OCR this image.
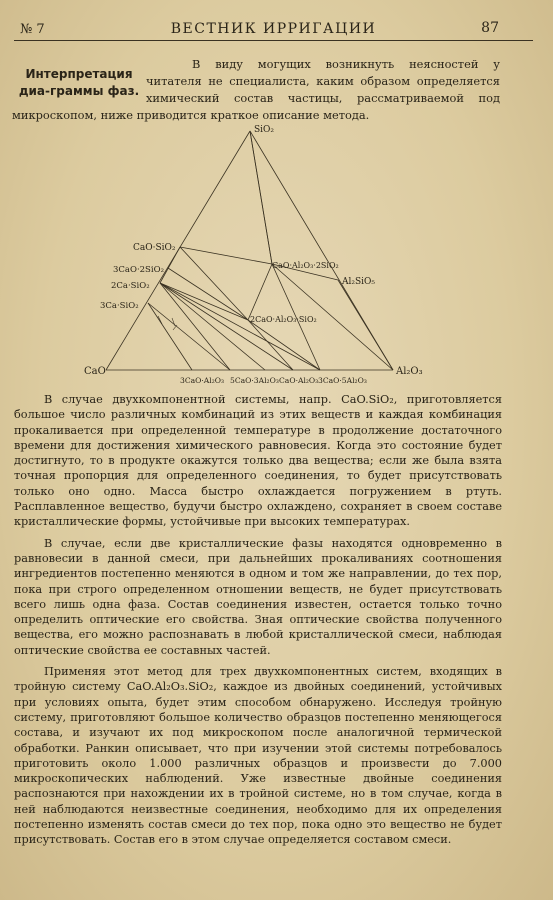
№ 7	ВЕСТНИК ИРРИГАЦИИ	87
Интерпретация диа-граммы фаз.
В виду могущих возникнуть неясностей у читателя не специалиста, каким образом определяется химический состав частицы, рассматриваемой под микроскопом, ниже приводится краткое описание метода.
SiO₂
CaO	Al₂O₃
CaO·SiO₂
3CaO·2SiO₂
2Ca·SiO₂
3Ca·SiO₂
CaO·Al₂O₃·2SiO₂
Al₂SiO₅
2CaO·Al₂O₃·SiO₂
3CaO·Al₂O₃ 5CaO·3Al₂O₃ CaO·Al₂O₃ 3CaO·5Al₂O₃

В случае двухкомпонентной системы, напр. CaO.SiO₂, приготовляется большое число различных комбинаций из этих веществ и каждая комбинация прокаливается при определенной температуре в продолжение достаточного времени для достижения химического равновесия. Когда это состояние будет достигнуто, то в продукте окажутся только два вещества; если же была взята точная пропорция для определенного соединения, то будет присутствовать только оно одно. Масса быстро охлаждается погружением в ртуть. Расплавленное вещество, будучи быстро охлаждено, сохраняет в своем составе кристаллические формы, устойчивые при высоких температурах.

В случае, если две кристаллические фазы находятся одновременно в равновесии в данной смеси, при дальнейших прокаливаниях соотношения ингредиентов постепенно меняются в одном и том же направлении, до тех пор, пока при строго определенном отношении веществ, не будет присутствовать всего лишь одна фаза. Состав соединения известен, остается только точно определить оптические его свойства. Зная оптические свойства полученного вещества, его можно распознавать в любой кристаллической смеси, наблюдая оптические свойства ее составных частей.

Применяя этот метод для трех двухкомпонентных систем, входящих в тройную систему CaO.Al₂O₃.SiO₂, каждое из двойных соединений, устойчивых при условиях опыта, будет этим способом обнаружено. Исследуя тройную систему, приготовляют большое количество образцов постепенно меняющегося состава, и изучают их под микроскопом после аналогичной термической обработки. Ранкин описывает, что при изучении этой системы потребовалось приготовить около 1.000 различных образцов и произвести до 7.000 микроскопических наблюдений. Уже известные двойные соединения распознаются при нахождении их в тройной системе, но в том случае, когда в ней наблюдаются неизвестные соединения, необходимо для их определения постепенно изменять состав смеси до тех пор, пока одно это вещество не будет присутствовать. Состав его в этом случае определяется составом смеси.
